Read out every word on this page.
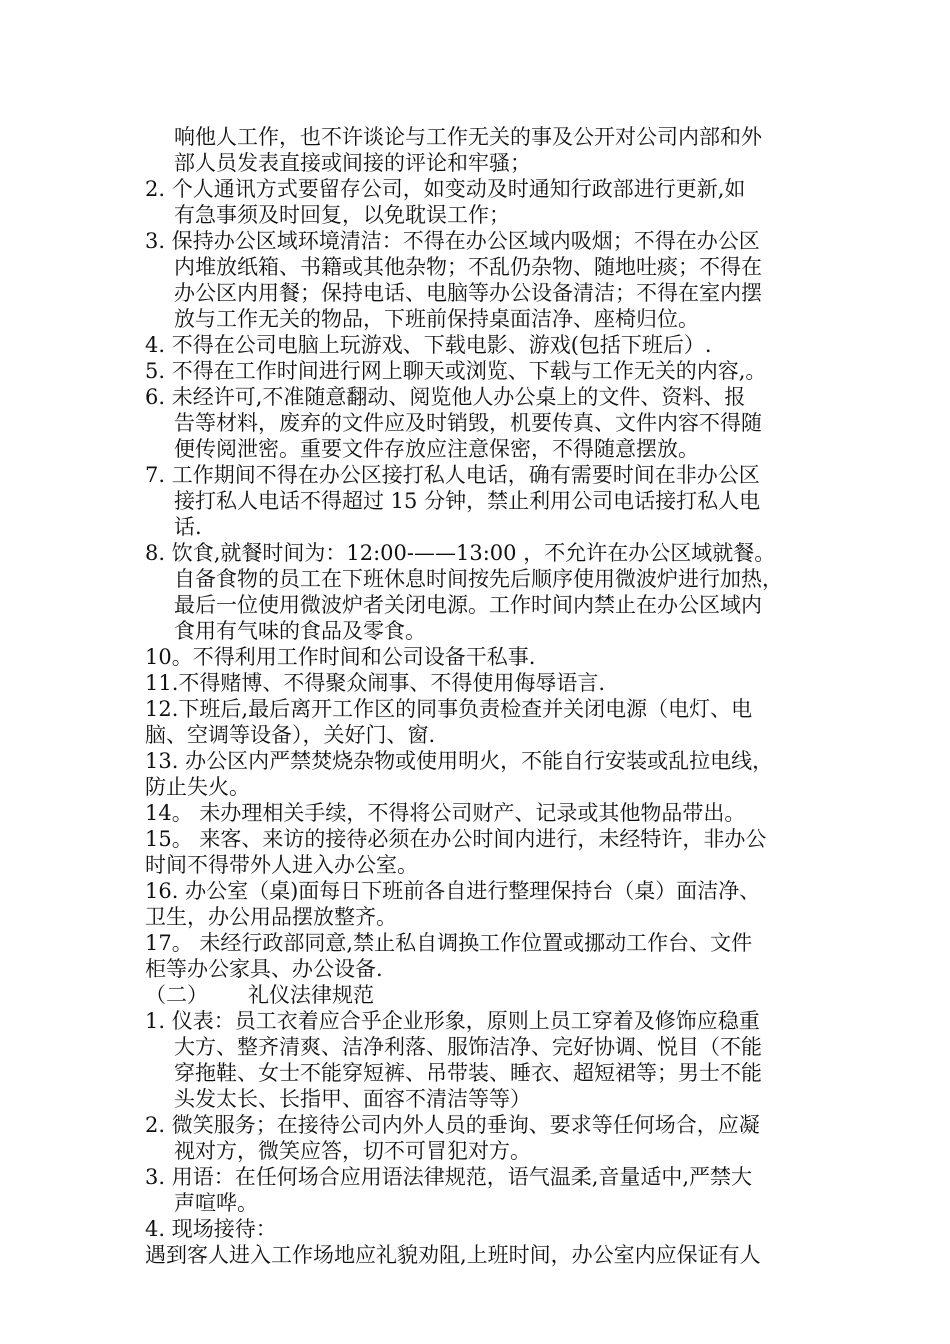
响他人工作，也不许谈论与工作无关的事及公开对公司内部和外
部人员发表直接或间接的评论和牢骚；
2. 个人通讯方式要留存公司，如变动及时通知行政部进行更新,如
有急事须及时回复，以免耽误工作；
3. 保持办公区域环境清洁：不得在办公区域内吸烟；不得在办公区
内堆放纸箱、书籍或其他杂物；不乱仍杂物、随地吐痰；不得在
办公区内用餐；保持电话、电脑等办公设备清洁；不得在室内摆
放与工作无关的物品，下班前保持桌面洁净、座椅归位。
4. 不得在公司电脑上玩游戏、下载电影、游戏(包括下班后）.
5. 不得在工作时间进行网上聊天或浏览、下载与工作无关的内容,。
6. 未经许可,不准随意翻动、阅览他人办公桌上的文件、资料、报
告等材料，废弃的文件应及时销毁，机要传真、文件内容不得随
便传阅泄密。重要文件存放应注意保密，不得随意摆放。
7. 工作期间不得在办公区接打私人电话，确有需要时间在非办公区
接打私人电话不得超过 15 分钟，禁止利用公司电话接打私人电
话.
8. 饮食,就餐时间为：12:00-——13:00 ，不允许在办公区域就餐。
自备食物的员工在下班休息时间按先后顺序使用微波炉进行加热，
最后一位使用微波炉者关闭电源。工作时间内禁止在办公区域内
食用有气味的食品及零食。
10。不得利用工作时间和公司设备干私事.
11.不得赌博、不得聚众闹事、不得使用侮辱语言.
12.下班后,最后离开工作区的同事负责检查并关闭电源（电灯、电
脑、空调等设备），关好门、窗.
13. 办公区内严禁焚烧杂物或使用明火，不能自行安装或乱拉电线，
防止失火。
14。 未办理相关手续，不得将公司财产、记录或其他物品带出。
15。 来客、来访的接待必须在办公时间内进行，未经特许，非办公
时间不得带外人进入办公室。
16. 办公室（桌)面每日下班前各自进行整理保持台（桌）面洁净、
卫生，办公用品摆放整齐。
17。 未经行政部同意,禁止私自调换工作位置或挪动工作台、文件
柜等办公家具、办公设备.
（二）      礼仪法律规范
1. 仪表：员工衣着应合乎企业形象，原则上员工穿着及修饰应稳重
大方、整齐清爽、洁净利落、服饰洁净、完好协调、悦目（不能
穿拖鞋、女士不能穿短裤、吊带装、睡衣、超短裙等；男士不能
头发太长、长指甲、面容不清洁等等）
2. 微笑服务；在接待公司内外人员的垂询、要求等任何场合，应凝
视对方，微笑应答，切不可冒犯对方。
3. 用语：在任何场合应用语法律规范，语气温柔,音量适中,严禁大
声喧哗。
4. 现场接待：
遇到客人进入工作场地应礼貌劝阻,上班时间，办公室内应保证有人
